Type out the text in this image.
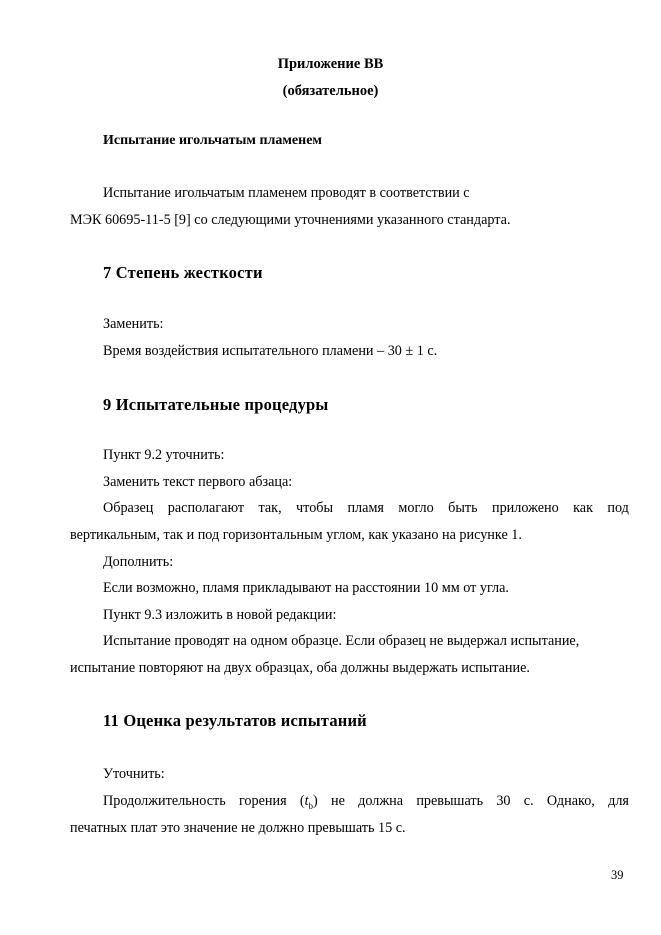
Приложение ВВ

(обязательное)

Испытание игольчатым пламенем

Испытание игольчатым пламенем проводят в соответствии с

МЭК 60695-11-5 [9] со следующими уточнениями указанного стандарта.

7 Степень жесткости

Заменить:

Время воздействия испытательного пламени – 30 ± 1 с.

9 Испытательные процедуры

Пункт 9.2 уточнить:

Заменить текст первого абзаца:

Образец располагают так, чтобы пламя могло быть приложено как под

вертикальным, так и под горизонтальным углом, как указано на рисунке 1.

Дополнить:

Если возможно, пламя прикладывают на расстоянии 10 мм от угла.

Пункт 9.3 изложить в новой редакции:

Испытание проводят на одном образце. Если образец не выдержал испытание,

испытание повторяют на двух образцах, оба должны выдержать испытание.

11 Оценка результатов испытаний

Уточнить:

Продолжительность горения $(t_b)$ не должна превышать 30 с. Однако, для

печатных плат это значение не должно превышать 15 с.

39
